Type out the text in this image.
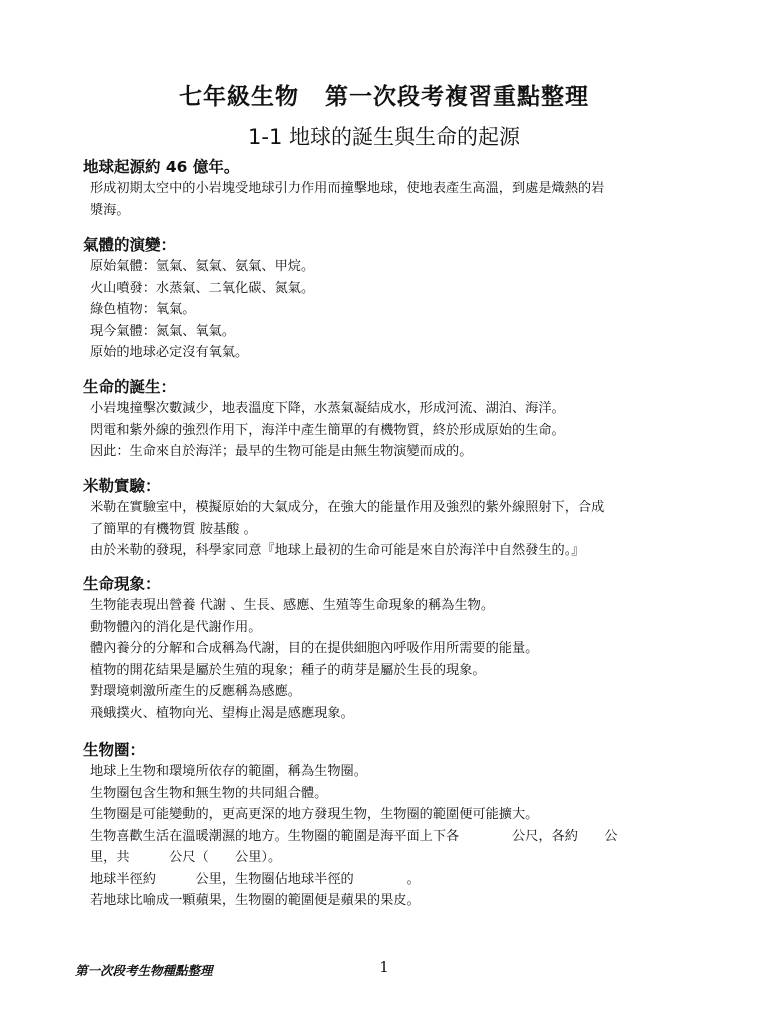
七年級生物 第一次段考複習重點整理
1-1 地球的誕生與生命的起源
地球起源約 46 億年。
形成初期太空中的小岩塊受地球引力作用而撞擊地球，使地表產生高溫，到處是熾熱的岩
漿海。
氣體的演變：
原始氣體：氫氣、氦氣、氨氣、甲烷。
火山噴發：水蒸氣、二氧化碳、氮氣。
綠色植物：氧氣。
現今氣體：氮氣、氧氣。
原始的地球必定沒有氧氣。
生命的誕生：
小岩塊撞擊次數減少，地表溫度下降，水蒸氣凝結成水，形成河流、湖泊、海洋。
閃電和紫外線的強烈作用下，海洋中產生簡單的有機物質，終於形成原始的生命。
因此：生命來自於海洋；最早的生物可能是由無生物演變而成的。
米勒實驗：
米勒在實驗室中，模擬原始的大氣成分，在強大的能量作用及強烈的紫外線照射下，合成
了簡單的有機物質 胺基酸 。
由於米勒的發現，科學家同意『地球上最初的生命可能是來自於海洋中自然發生的。』
生命現象：
生物能表現出營養 代謝 、生長、感應、生殖等生命現象的稱為生物。
動物體內的消化是代謝作用。
體內養分的分解和合成稱為代謝，目的在提供細胞內呼吸作用所需要的能量。
植物的開花結果是屬於生殖的現象；種子的萌芽是屬於生長的現象。
對環境刺激所產生的反應稱為感應。
飛蛾撲火、植物向光、望梅止渴是感應現象。
生物圈：
地球上生物和環境所依存的範圍，稱為生物圈。
生物圈包含生物和無生物的共同組合體。
生物圈是可能變動的，更高更深的地方發現生物，生物圈的範圍便可能擴大。
生物喜歡生活在溫暖潮濕的地方。生物圈的範圍是海平面上下各　　　　公尺，各約　　公
里，共　　　公尺（　　公里）。
地球半徑約　　　公里，生物圈佔地球半徑的　　　　。
若地球比喻成一顆蘋果，生物圈的範圍便是蘋果的果皮。
第一次段考生物種點整理	1
